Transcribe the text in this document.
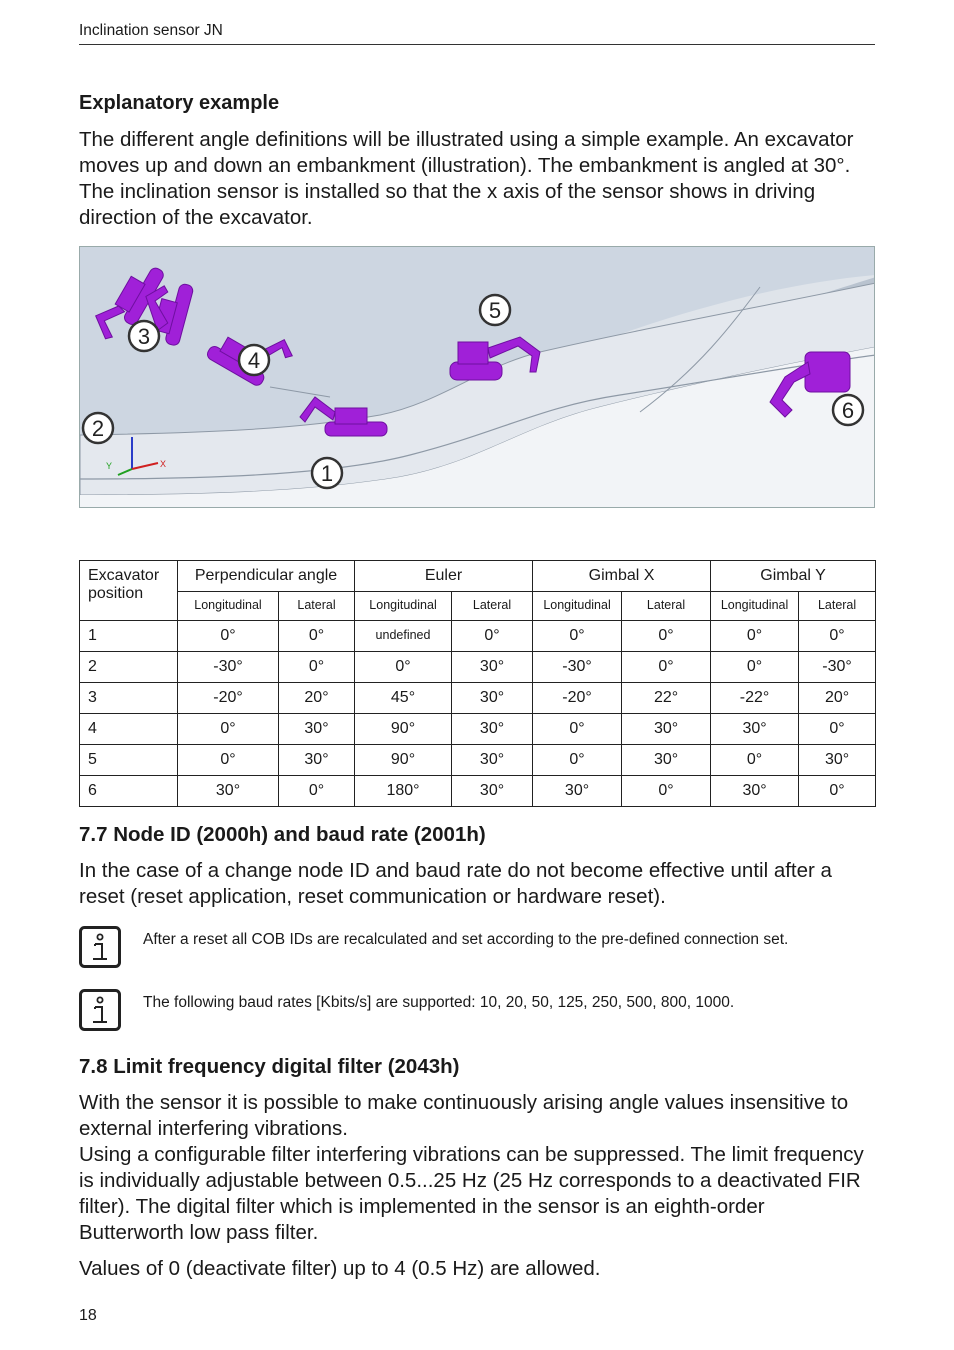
Inclination sensor JN
Explanatory example

The different angle definitions will be illustrated using a simple example. An excavator moves up and down an embankment (illustration). The embankment is angled at 30°. The inclination sensor is installed so that the x axis of the sensor shows in driving direction of the excavator.

X
Y	1
2
3
4
5
6
Excavator position	Perpendicular angle		Euler		Gimbal X		Gimbal Y	
	Longitudinal	Lateral	Longitudinal	Lateral	Longitudinal	Lateral	Longitudinal	Lateral
1	0°	0°	undefined	0°	0°	0°	0°	0°
2	-30°	0°	0°	30°	-30°	0°	0°	-30°
3	-20°	20°	45°	30°	-20°	22°	-22°	20°
4	0°	30°	90°	30°	0°	30°	30°	0°
5	0°	30°	90°	30°	0°	30°	0°	30°
6	30°	0°	180°	30°	30°	0°	30°	0°
7.7 Node ID (2000h) and baud rate (2001h)

In the case of a change node ID and baud rate do not become effective until after a reset (reset application, reset communication or hardware reset).

After a reset all COB IDs are recalculated and set according to the pre-defined connection set.
The following baud rates [Kbits/s] are supported: 10, 20, 50, 125, 250, 500, 800, 1000.
7.8 Limit frequency digital filter (2043h)

With the sensor it is possible to make continuously arising angle values insensitive to external interfering vibrations.

Using a configurable filter interfering vibrations can be suppressed. The limit frequency is individually adjustable between 0.5...25 Hz (25 Hz corresponds to a deactivated FIR filter). The digital filter which is implemented in the sensor is an eighth-order Butterworth low pass filter.

Values of 0 (deactivate filter) up to 4 (0.5 Hz) are allowed.

18
